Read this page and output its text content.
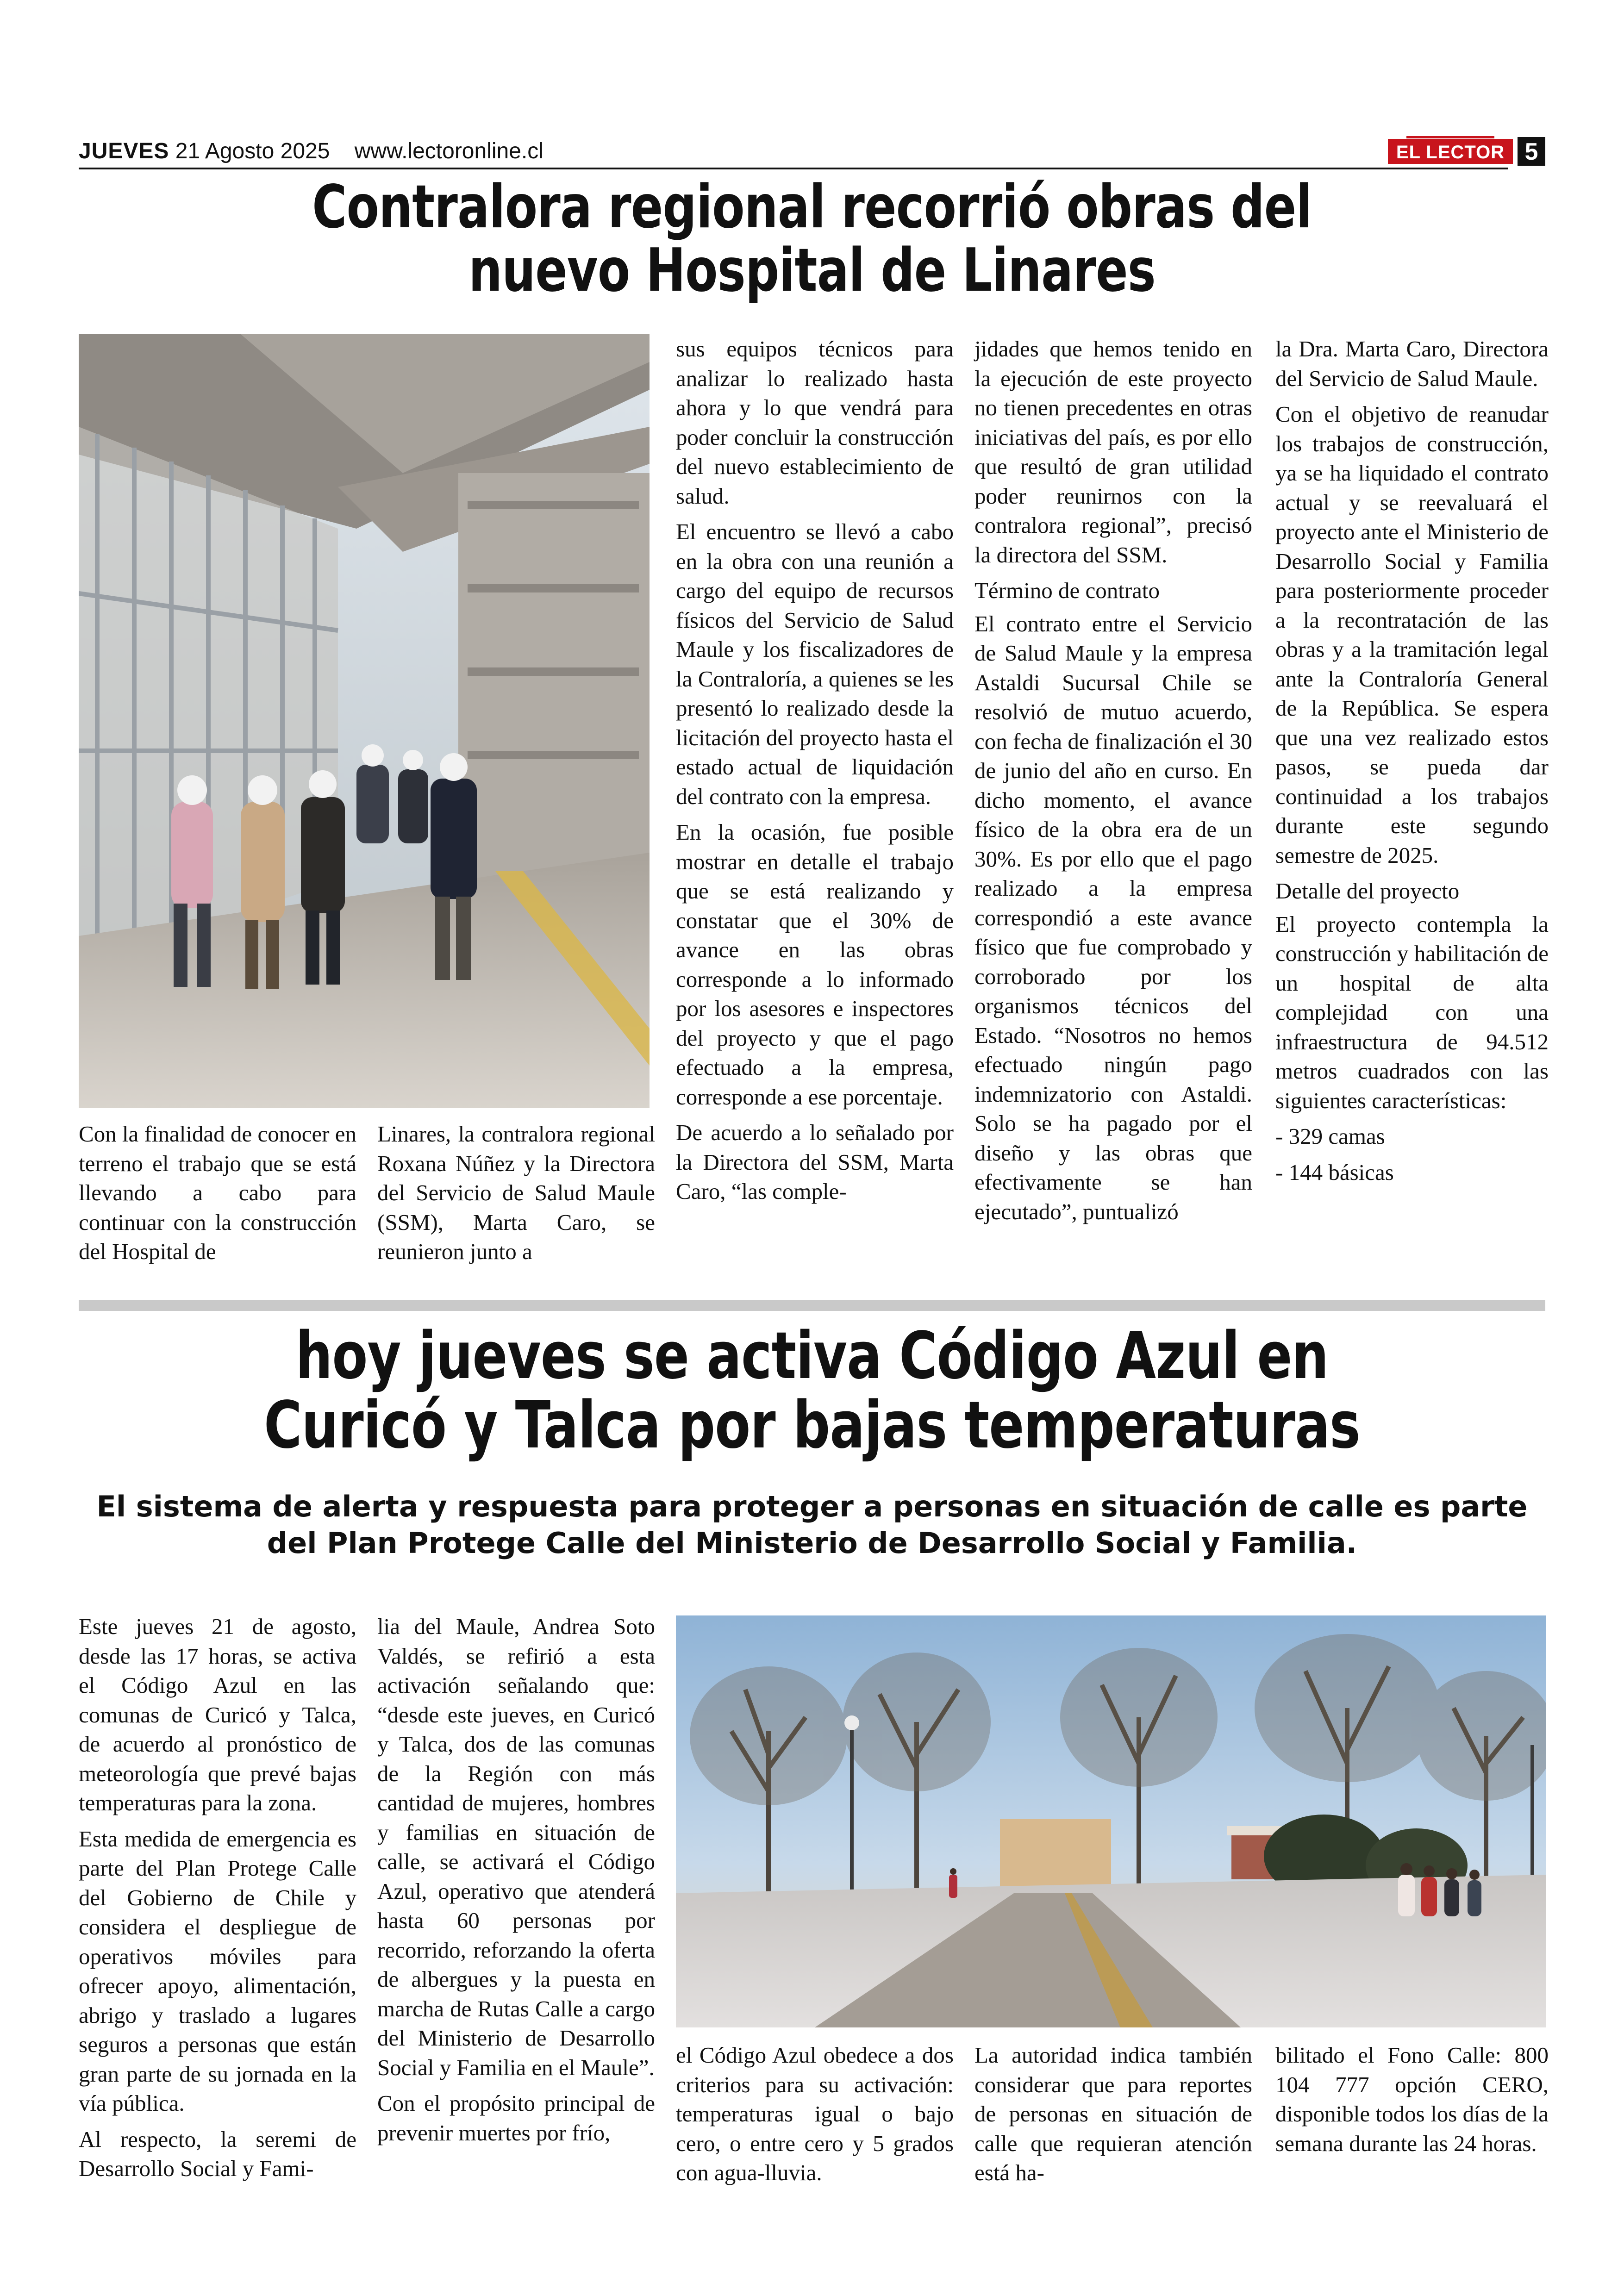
JUEVES 21 Agosto 2025 www.lectoronline.cl	EL LECTOR 5
Contralora regional recorrió obras del nuevo Hospital de Linares

Con la finalidad de conocer en terreno el trabajo que se está llevando a cabo para continuar con la construcción del Hospital de

Linares, la contralora regional Roxana Núñez y la Directora del Servicio de Salud Maule (SSM), Marta Caro, se reunieron junto a

sus equipos técnicos para analizar lo realizado hasta ahora y lo que vendrá para poder concluir la construcción del nuevo establecimiento de salud.

El encuentro se llevó a cabo en la obra con una reunión a cargo del equipo de recursos físicos del Servicio de Salud Maule y los fiscalizadores de la Contraloría, a quienes se les presentó lo realizado desde la licitación del proyecto hasta el estado actual de liquidación del contrato con la empresa.

En la ocasión, fue posible mostrar en detalle el trabajo que se está realizando y constatar que el 30% de avance en las obras corresponde a lo informado por los asesores e inspectores del proyecto y que el pago efectuado a la empresa, corresponde a ese porcentaje.

De acuerdo a lo señalado por la Directora del SSM, Marta Caro, “las comple-

jidades que hemos tenido en la ejecución de este proyecto no tienen precedentes en otras iniciativas del país, es por ello que resultó de gran utilidad poder reunirnos con la contralora regional”, precisó la directora del SSM.

Término de contrato

El contrato entre el Servicio de Salud Maule y la empresa Astaldi Sucursal Chile se resolvió de mutuo acuerdo, con fecha de finalización el 30 de junio del año en curso. En dicho momento, el avance físico de la obra era de un 30%. Es por ello que el pago realizado a la empresa correspondió a este avance físico que fue comprobado y corroborado por los organismos técnicos del Estado. “Nosotros no hemos efectuado ningún pago indemnizatorio con Astaldi. Solo se ha pagado por el diseño y las obras que efectivamente se han ejecutado”, puntualizó

la Dra. Marta Caro, Directora del Servicio de Salud Maule.

Con el objetivo de reanudar los trabajos de construcción, ya se ha liquidado el contrato actual y se reevaluará el proyecto ante el Ministerio de Desarrollo Social y Familia para posteriormente proceder a la recontratación de las obras y a la tramitación legal ante la Contraloría General de la República. Se espera que una vez realizado estos pasos, se pueda dar continuidad a los trabajos durante este segundo semestre de 2025.

Detalle del proyecto

El proyecto contempla la construcción y habilitación de un hospital de alta complejidad con una infraestructura de 94.512 metros cuadrados con las siguientes características:

- 329 camas

- 144 básicas

hoy jueves se activa Código Azul en Curicó y Talca por bajas temperaturas
El sistema de alerta y respuesta para proteger a personas en situación de calle es parte del Plan Protege Calle del Ministerio de Desarrollo Social y Familia.

Este jueves 21 de agosto, desde las 17 horas, se activa el Código Azul en las comunas de Curicó y Talca, de acuerdo al pronóstico de meteorología que prevé bajas temperaturas para la zona.

Esta medida de emergencia es parte del Plan Protege Calle del Gobierno de Chile y considera el despliegue de operativos móviles para ofrecer apoyo, alimentación, abrigo y traslado a lugares seguros a personas que están gran parte de su jornada en la vía pública.

Al respecto, la seremi de Desarrollo Social y Fami-

lia del Maule, Andrea Soto Valdés, se refirió a esta activación señalando que: “desde este jueves, en Curicó y Talca, dos de las comunas de la Región con más cantidad de mujeres, hombres y familias en situación de calle, se activará el Código Azul, operativo que atenderá hasta 60 personas por recorrido, reforzando la oferta de albergues y la puesta en marcha de Rutas Calle a cargo del Ministerio de Desarrollo Social y Familia en el Maule”.

Con el propósito principal de prevenir muertes por frío,

el Código Azul obedece a dos criterios para su activación: temperaturas igual o bajo cero, o entre cero y 5 grados con agua-lluvia.

La autoridad indica también considerar que para reportes de personas en situación de calle que requieran atención está ha-

bilitado el Fono Calle: 800 104 777 opción CERO, disponible todos los días de la semana durante las 24 horas.
